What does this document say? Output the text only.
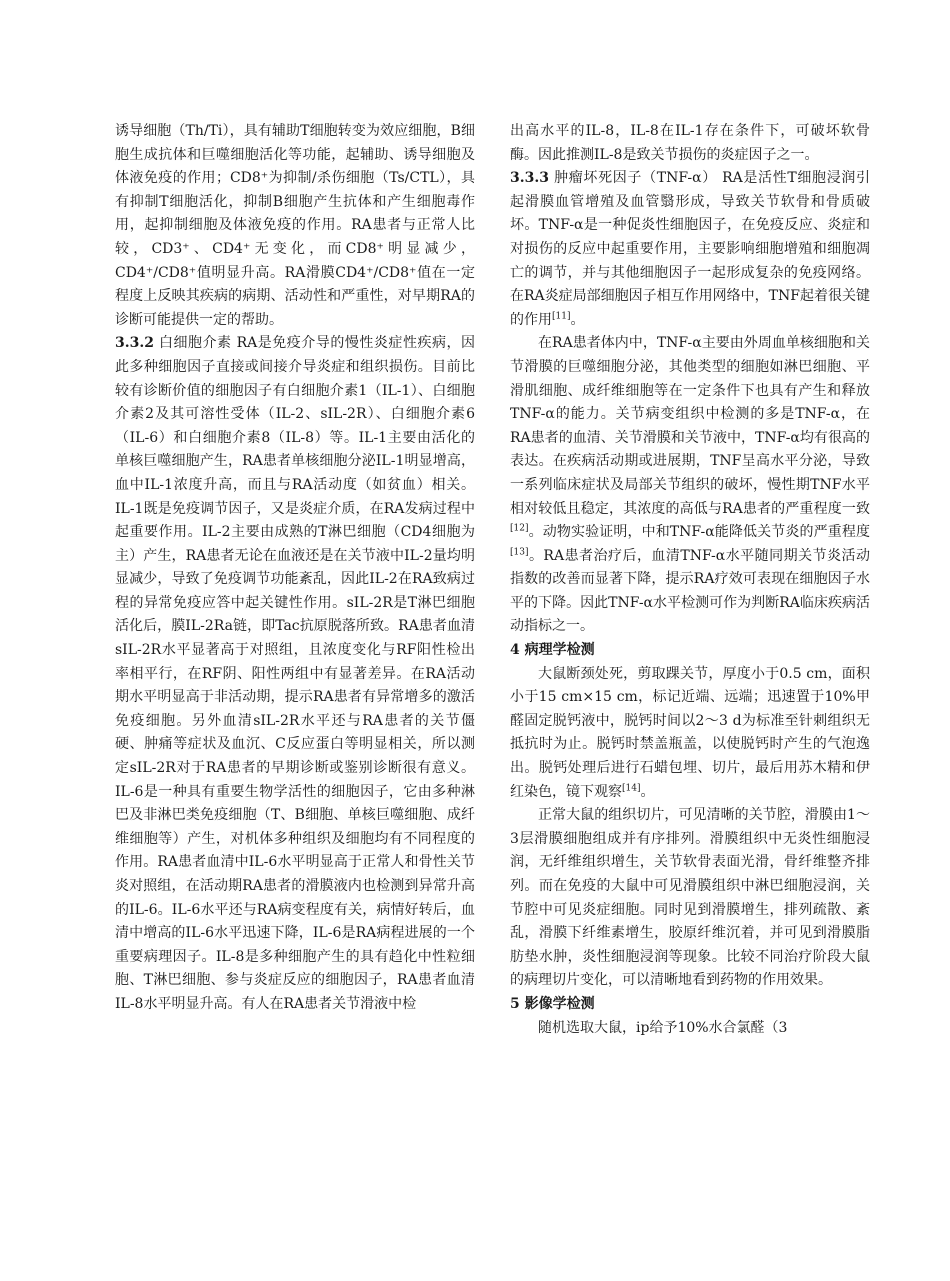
诱导细胞（Th/Ti），具有辅助T细胞转变为效应细胞，B细胞生成抗体和巨噬细胞活化等功能，起辅助、诱导细胞及体液免疫的作用；CD8⁺为抑制/杀伤细胞（Ts/CTL），具有抑制T细胞活化，抑制B细胞产生抗体和产生细胞毒作用，起抑制细胞及体液免疫的作用。RA患者与正常人比较，CD3⁺、CD4⁺无变化，而CD8⁺明显减少，CD4⁺/CD8⁺值明显升高。RA滑膜CD4⁺/CD8⁺值在一定程度上反映其疾病的病期、活动性和严重性，对早期RA的诊断可能提供一定的帮助。

3.3.2 白细胞介素 RA是免疫介导的慢性炎症性疾病，因此多种细胞因子直接或间接介导炎症和组织损伤。目前比较有诊断价值的细胞因子有白细胞介素1（IL-1）、白细胞介素2及其可溶性受体（IL-2、sIL-2R）、白细胞介素6（IL-6）和白细胞介素8（IL-8）等。IL-1主要由活化的单核巨噬细胞产生，RA患者单核细胞分泌IL-1明显增高，血中IL-1浓度升高，而且与RA活动度（如贫血）相关。IL-1既是免疫调节因子，又是炎症介质，在RA发病过程中起重要作用。IL-2主要由成熟的T淋巴细胞（CD4细胞为主）产生，RA患者无论在血液还是在关节液中IL-2量均明显减少，导致了免疫调节功能紊乱，因此IL-2在RA致病过程的异常免疫应答中起关键性作用。sIL-2R是T淋巴细胞活化后，膜IL-2Ra链，即Tac抗原脱落所致。RA患者血清sIL-2R水平显著高于对照组，且浓度变化与RF阳性检出率相平行，在RF阴、阳性两组中有显著差异。在RA活动期水平明显高于非活动期，提示RA患者有异常增多的激活免疫细胞。另外血清sIL-2R水平还与RA患者的关节僵硬、肿痛等症状及血沉、C反应蛋白等明显相关，所以测定sIL-2R对于RA患者的早期诊断或鉴别诊断很有意义。IL-6是一种具有重要生物学活性的细胞因子，它由多种淋巴及非淋巴类免疫细胞（T、B细胞、单核巨噬细胞、成纤维细胞等）产生，对机体多种组织及细胞均有不同程度的作用。RA患者血清中IL-6水平明显高于正常人和骨性关节炎对照组，在活动期RA患者的滑膜液内也检测到异常升高的IL-6。IL-6水平还与RA病变程度有关，病情好转后，血清中增高的IL-6水平迅速下降，IL-6是RA病程进展的一个重要病理因子。IL-8是多种细胞产生的具有趋化中性粒细胞、T淋巴细胞、参与炎症反应的细胞因子，RA患者血清IL-8水平明显升高。有人在RA患者关节滑液中检

出高水平的IL-8，IL-8在IL-1存在条件下，可破坏软骨酶。因此推测IL-8是致关节损伤的炎症因子之一。

3.3.3 肿瘤坏死因子（TNF-α） RA是活性T细胞浸润引起滑膜血管增殖及血管翳形成，导致关节软骨和骨质破坏。TNF-α是一种促炎性细胞因子，在免疫反应、炎症和对损伤的反应中起重要作用，主要影响细胞增殖和细胞凋亡的调节，并与其他细胞因子一起形成复杂的免疫网络。在RA炎症局部细胞因子相互作用网络中，TNF起着很关键的作用[11]。

在RA患者体内中，TNF-α主要由外周血单核细胞和关节滑膜的巨噬细胞分泌，其他类型的细胞如淋巴细胞、平滑肌细胞、成纤维细胞等在一定条件下也具有产生和释放TNF-α的能力。关节病变组织中检测的多是TNF-α，在RA患者的血清、关节滑膜和关节液中，TNF-α均有很高的表达。在疾病活动期或进展期，TNF呈高水平分泌，导致一系列临床症状及局部关节组织的破坏，慢性期TNF水平相对较低且稳定，其浓度的高低与RA患者的严重程度一致[12]。动物实验证明，中和TNF-α能降低关节炎的严重程度[13]。RA患者治疗后，血清TNF-α水平随同期关节炎活动指数的改善而显著下降，提示RA疗效可表现在细胞因子水平的下降。因此TNF-α水平检测可作为判断RA临床疾病活动指标之一。

4 病理学检测

大鼠断颈处死，剪取踝关节，厚度小于0.5 cm，面积小于15 cm×15 cm，标记近端、远端；迅速置于10%甲醛固定脱钙液中，脱钙时间以2～3 d为标准至针刺组织无抵抗时为止。脱钙时禁盖瓶盖，以使脱钙时产生的气泡逸出。脱钙处理后进行石蜡包埋、切片，最后用苏木精和伊红染色，镜下观察[14]。

正常大鼠的组织切片，可见清晰的关节腔，滑膜由1～3层滑膜细胞组成并有序排列。滑膜组织中无炎性细胞浸润，无纤维组织增生，关节软骨表面光滑，骨纤维整齐排列。而在免疫的大鼠中可见滑膜组织中淋巴细胞浸润，关节腔中可见炎症细胞。同时见到滑膜增生，排列疏散、紊乱，滑膜下纤维素增生，胶原纤维沉着，并可见到滑膜脂肪垫水肿，炎性细胞浸润等现象。比较不同治疗阶段大鼠的病理切片变化，可以清晰地看到药物的作用效果。

5 影像学检测

随机选取大鼠，ip给予10%水合氯醛（3
